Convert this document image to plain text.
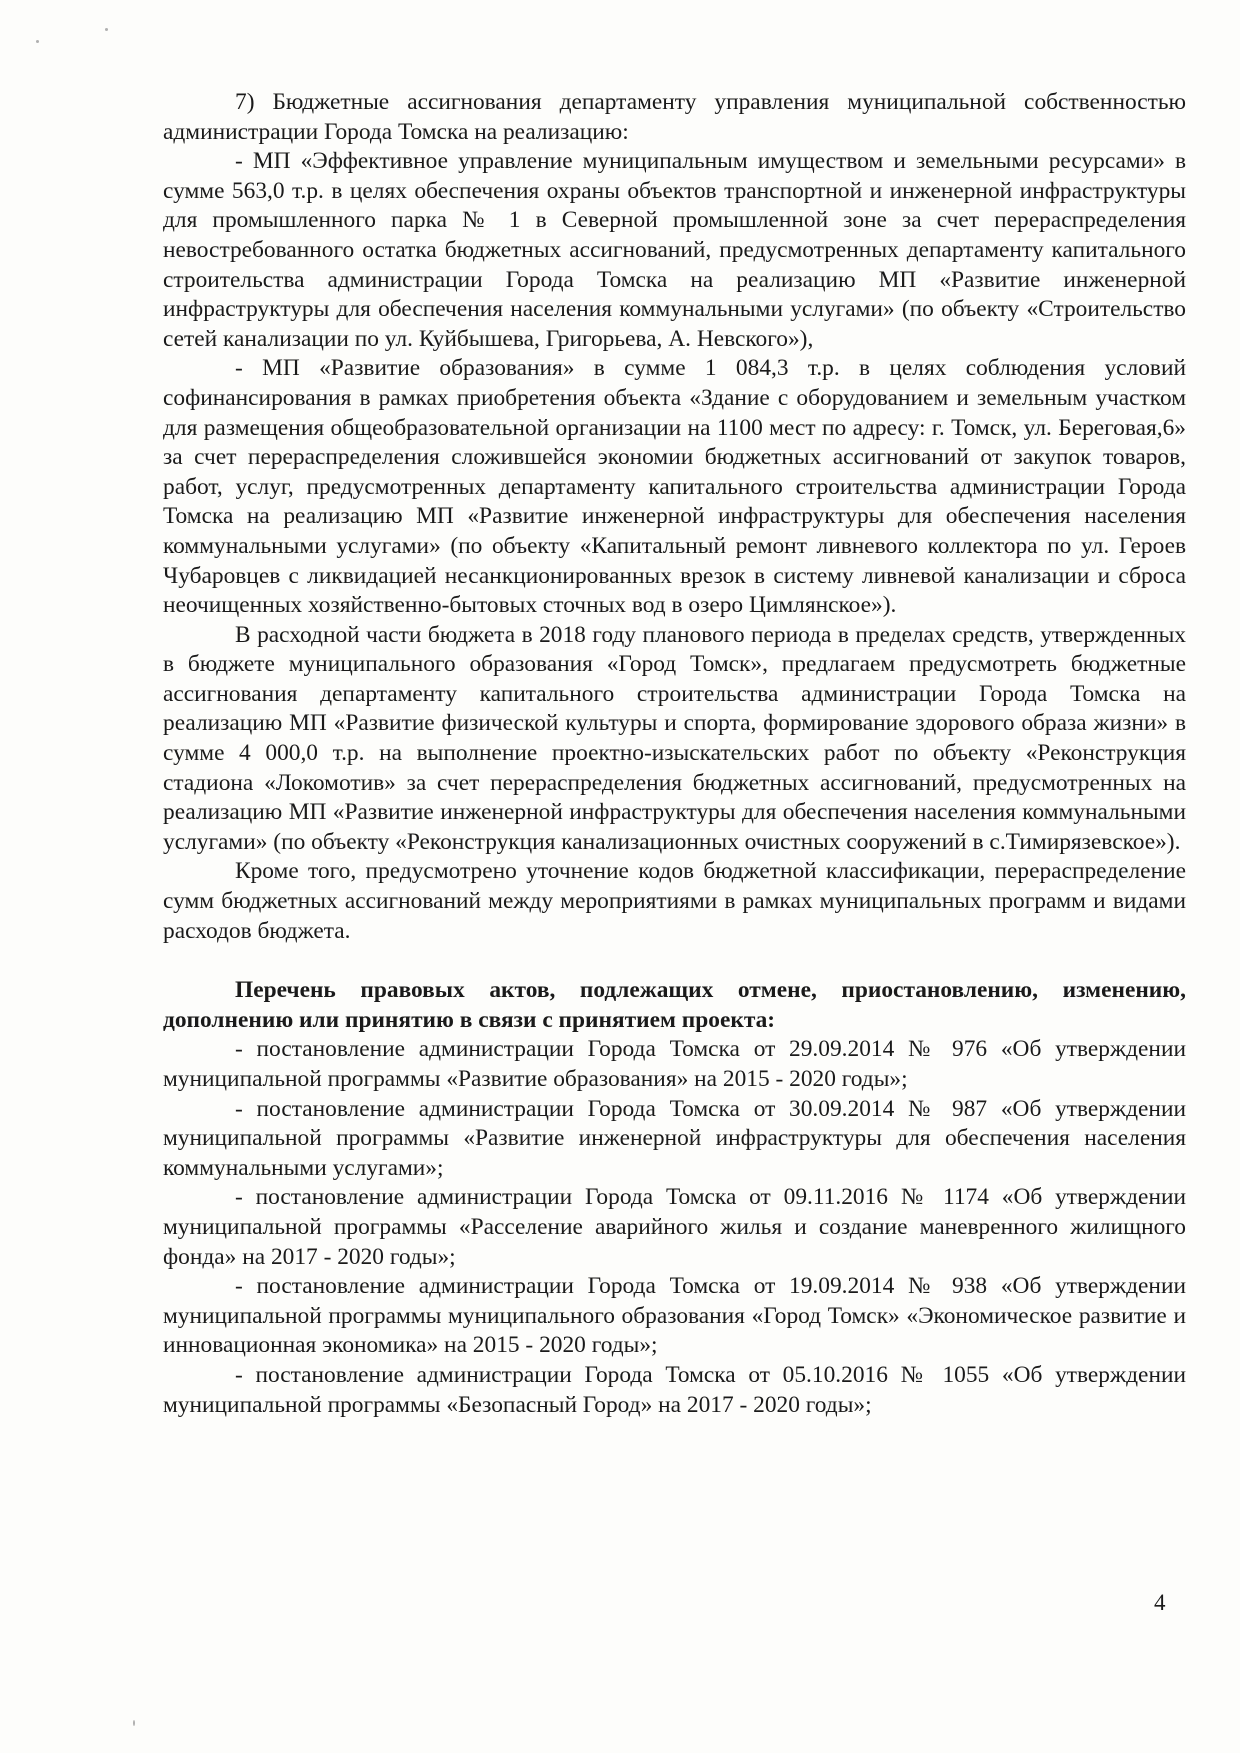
7) Бюджетные ассигнования департаменту управления муниципальной собственностью администрации Города Томска на реализацию:

- МП «Эффективное управление муниципальным имуществом и земельными ресурсами» в сумме 563,0 т.р. в целях обеспечения охраны объектов транспортной и инженерной инфраструктуры для промышленного парка № 1 в Северной промышленной зоне за счет перераспределения невостребованного остатка бюджетных ассигнований, предусмотренных департаменту капитального строительства администрации Города Томска на реализацию МП «Развитие инженерной инфраструктуры для обеспечения населения коммунальными услугами» (по объекту «Строительство сетей канализации по ул. Куйбышева, Григорьева, А. Невского»),

- МП «Развитие образования» в сумме 1 084,3 т.р. в целях соблюдения условий софинансирования в рамках приобретения объекта «Здание с оборудованием и земельным участком для размещения общеобразовательной организации на 1100 мест по адресу: г. Томск, ул. Береговая,6» за счет перераспределения сложившейся экономии бюджетных ассигнований от закупок товаров, работ, услуг, предусмотренных департаменту капитального строительства администрации Города Томска на реализацию МП «Развитие инженерной инфраструктуры для обеспечения населения коммунальными услугами» (по объекту «Капитальный ремонт ливневого коллектора по ул. Героев Чубаровцев с ликвидацией несанкционированных врезок в систему ливневой канализации и сброса неочищенных хозяйственно-бытовых сточных вод в озеро Цимлянское»).

В расходной части бюджета в 2018 году планового периода в пределах средств, утвержденных в бюджете муниципального образования «Город Томск», предлагаем предусмотреть бюджетные ассигнования департаменту капитального строительства администрации Города Томска на реализацию МП «Развитие физической культуры и спорта, формирование здорового образа жизни» в сумме 4 000,0 т.р. на выполнение проектно-изыскательских работ по объекту «Реконструкция стадиона «Локомотив» за счет перераспределения бюджетных ассигнований, предусмотренных на реализацию МП «Развитие инженерной инфраструктуры для обеспечения населения коммунальными услугами» (по объекту «Реконструкция канализационных очистных сооружений в с.Тимирязевское»).

Кроме того, предусмотрено уточнение кодов бюджетной классификации, перераспределение сумм бюджетных ассигнований между мероприятиями в рамках муниципальных программ и видами расходов бюджета.

Перечень правовых актов, подлежащих отмене, приостановлению, изменению, дополнению или принятию в связи с принятием проекта:

- постановление администрации Города Томска от 29.09.2014 № 976 «Об утверждении муниципальной программы «Развитие образования» на 2015 - 2020 годы»;

- постановление администрации Города Томска от 30.09.2014 № 987 «Об утверждении муниципальной программы «Развитие инженерной инфраструктуры для обеспечения населения коммунальными услугами»;

- постановление администрации Города Томска от 09.11.2016 № 1174 «Об утверждении муниципальной программы «Расселение аварийного жилья и создание маневренного жилищного фонда» на 2017 - 2020 годы»;

- постановление администрации Города Томска от 19.09.2014 № 938 «Об утверждении муниципальной программы муниципального образования «Город Томск» «Экономическое развитие и инновационная экономика» на 2015 - 2020 годы»;

- постановление администрации Города Томска от 05.10.2016 № 1055 «Об утверждении муниципальной программы «Безопасный Город» на 2017 - 2020 годы»;

4
